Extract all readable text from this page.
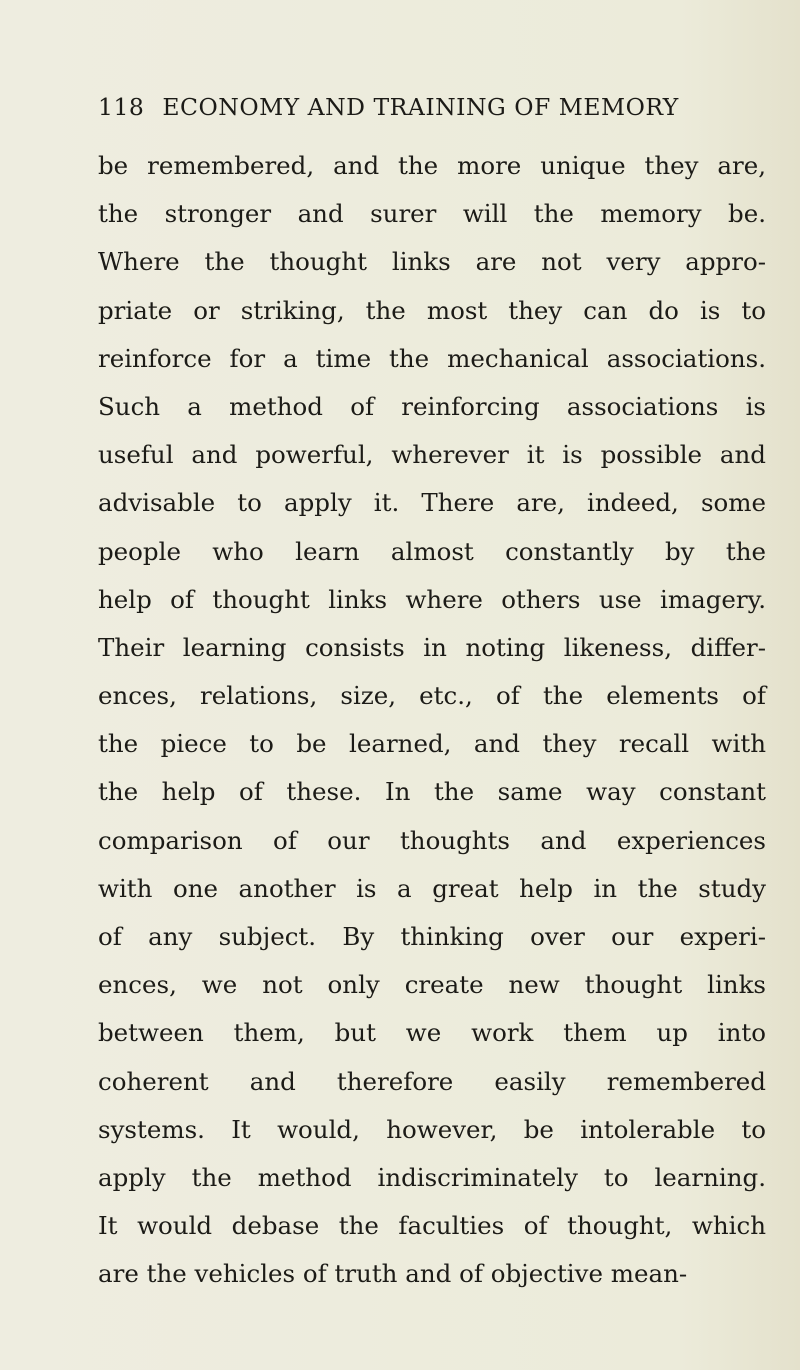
118 ECONOMY AND TRAINING OF MEMORY
be remembered, and the more unique they are,
the stronger and surer will the memory be.
Where the thought links are not very appro-
priate or striking, the most they can do is to
reinforce for a time the mechanical associations.
Such a method of reinforcing associations is
useful and powerful, wherever it is possible and
advisable to apply it. There are, indeed, some
people who learn almost constantly by the
help of thought links where others use imagery.
Their learning consists in noting likeness, differ-
ences, relations, size, etc., of the elements of
the piece to be learned, and they recall with
the help of these. In the same way constant
comparison of our thoughts and experiences
with one another is a great help in the study
of any subject. By thinking over our experi-
ences, we not only create new thought links
between them, but we work them up into
coherent and therefore easily remembered
systems. It would, however, be intolerable to
apply the method indiscriminately to learning.
It would debase the faculties of thought, which
are the vehicles of truth and of objective mean-
